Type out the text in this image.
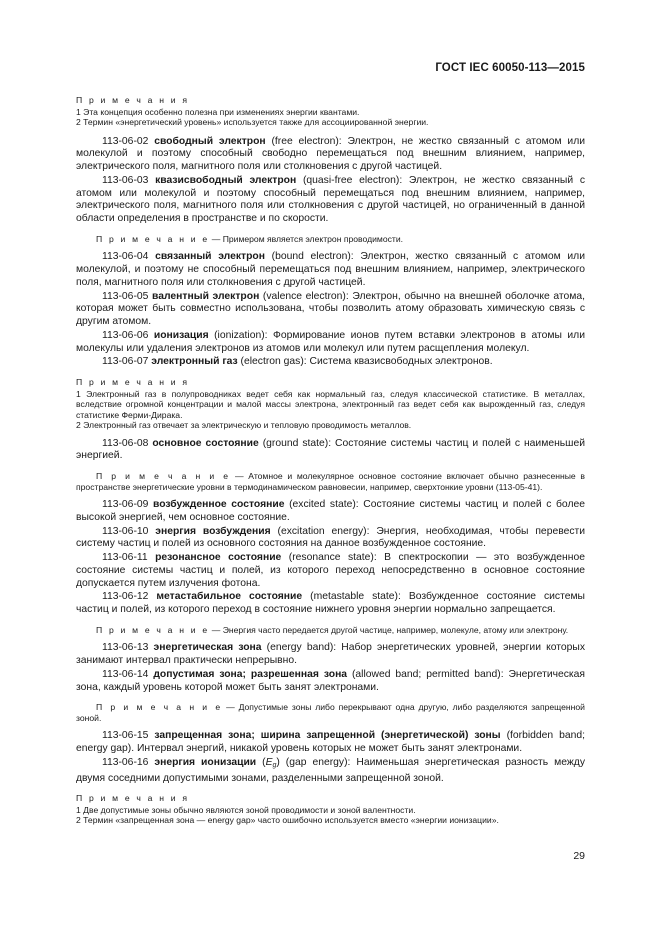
ГОСТ IEC 60050-113—2015
П р и м е ч а н и я
1 Эта концепция особенно полезна при изменениях энергии квантами.
2 Термин «энергетический уровень» используется также для ассоциированной энергии.

113-06-02 свободный электрон (free electron): Электрон, не жестко связанный с атомом или молекулой и поэтому способный свободно перемещаться под внешним влиянием, например, электрического поля, магнитного поля или столкновения с другой частицей.

113-06-03 квазисвободный электрон (quasi-free electron): Электрон, не жестко связанный с атомом или молекулой и поэтому способный перемещаться под внешним влиянием, например, электрического поля, магнитного поля или столкновения с другой частицей, но ограниченный в данной области определения в пространстве и по скорости.

П р и м е ч а н и е — Примером является электрон проводимости.

113-06-04 связанный электрон (bound electron): Электрон, жестко связанный с атомом или молекулой, и поэтому не способный перемещаться под внешним влиянием, например, электрического поля, магнитного поля или столкновения с другой частицей.

113-06-05 валентный электрон (valence electron): Электрон, обычно на внешней оболочке атома, которая может быть совместно использована, чтобы позволить атому образовать химическую связь с другим атомом.

113-06-06 ионизация (ionization): Формирование ионов путем вставки электронов в атомы или молекулы или удаления электронов из атомов или молекул или путем расщепления молекул.

113-06-07 электронный газ (electron gas): Система квазисвободных электронов.

П р и м е ч а н и я
1 Электронный газ в полупроводниках ведет себя как нормальный газ, следуя классической статистике. В металлах, вследствие огромной концентрации и малой массы электрона, электронный газ ведет себя как вырожденный газ, следуя статистике Ферми-Дирака.
2 Электронный газ отвечает за электрическую и тепловую проводимость металлов.

113-06-08 основное состояние (ground state): Состояние системы частиц и полей с наименьшей энергией.

П р и м е ч а н и е — Атомное и молекулярное основное состояние включает обычно разнесенные в пространстве энергетические уровни в термодинамическом равновесии, например, сверхтонкие уровни (113-05-41).

113-06-09 возбужденное состояние (excited state): Состояние системы частиц и полей с более высокой энергией, чем основное состояние.

113-06-10 энергия возбуждения (excitation energy): Энергия, необходимая, чтобы перевести систему частиц и полей из основного состояния на данное возбужденное состояние.

113-06-11 резонансное состояние (resonance state): В спектроскопии — это возбужденное состояние системы частиц и полей, из которого переход непосредственно в основное состояние допускается путем излучения фотона.

113-06-12 метастабильное состояние (metastable state): Возбужденное состояние системы частиц и полей, из которого переход в состояние нижнего уровня энергии нормально запрещается.

П р и м е ч а н и е — Энергия часто передается другой частице, например, молекуле, атому или электрону.

113-06-13 энергетическая зона (energy band): Набор энергетических уровней, энергии которых занимают интервал практически непрерывно.

113-06-14 допустимая зона; разрешенная зона (allowed band; permitted band): Энергетическая зона, каждый уровень которой может быть занят электронами.

П р и м е ч а н и е — Допустимые зоны либо перекрывают одна другую, либо разделяются запрещенной зоной.

113-06-15 запрещенная зона; ширина запрещенной (энергетической) зоны (forbidden band; energy gap). Интервал энергий, никакой уровень которых не может быть занят электронами.

113-06-16 энергия ионизации $(E_g)$ (gap energy): Наименьшая энергетическая разность между двумя соседними допустимыми зонами, разделенными запрещенной зоной.

П р и м е ч а н и я
1 Две допустимые зоны обычно являются зоной проводимости и зоной валентности.
2 Термин «запрещенная зона — energy gap» часто ошибочно используется вместо «энергии ионизации».
29
